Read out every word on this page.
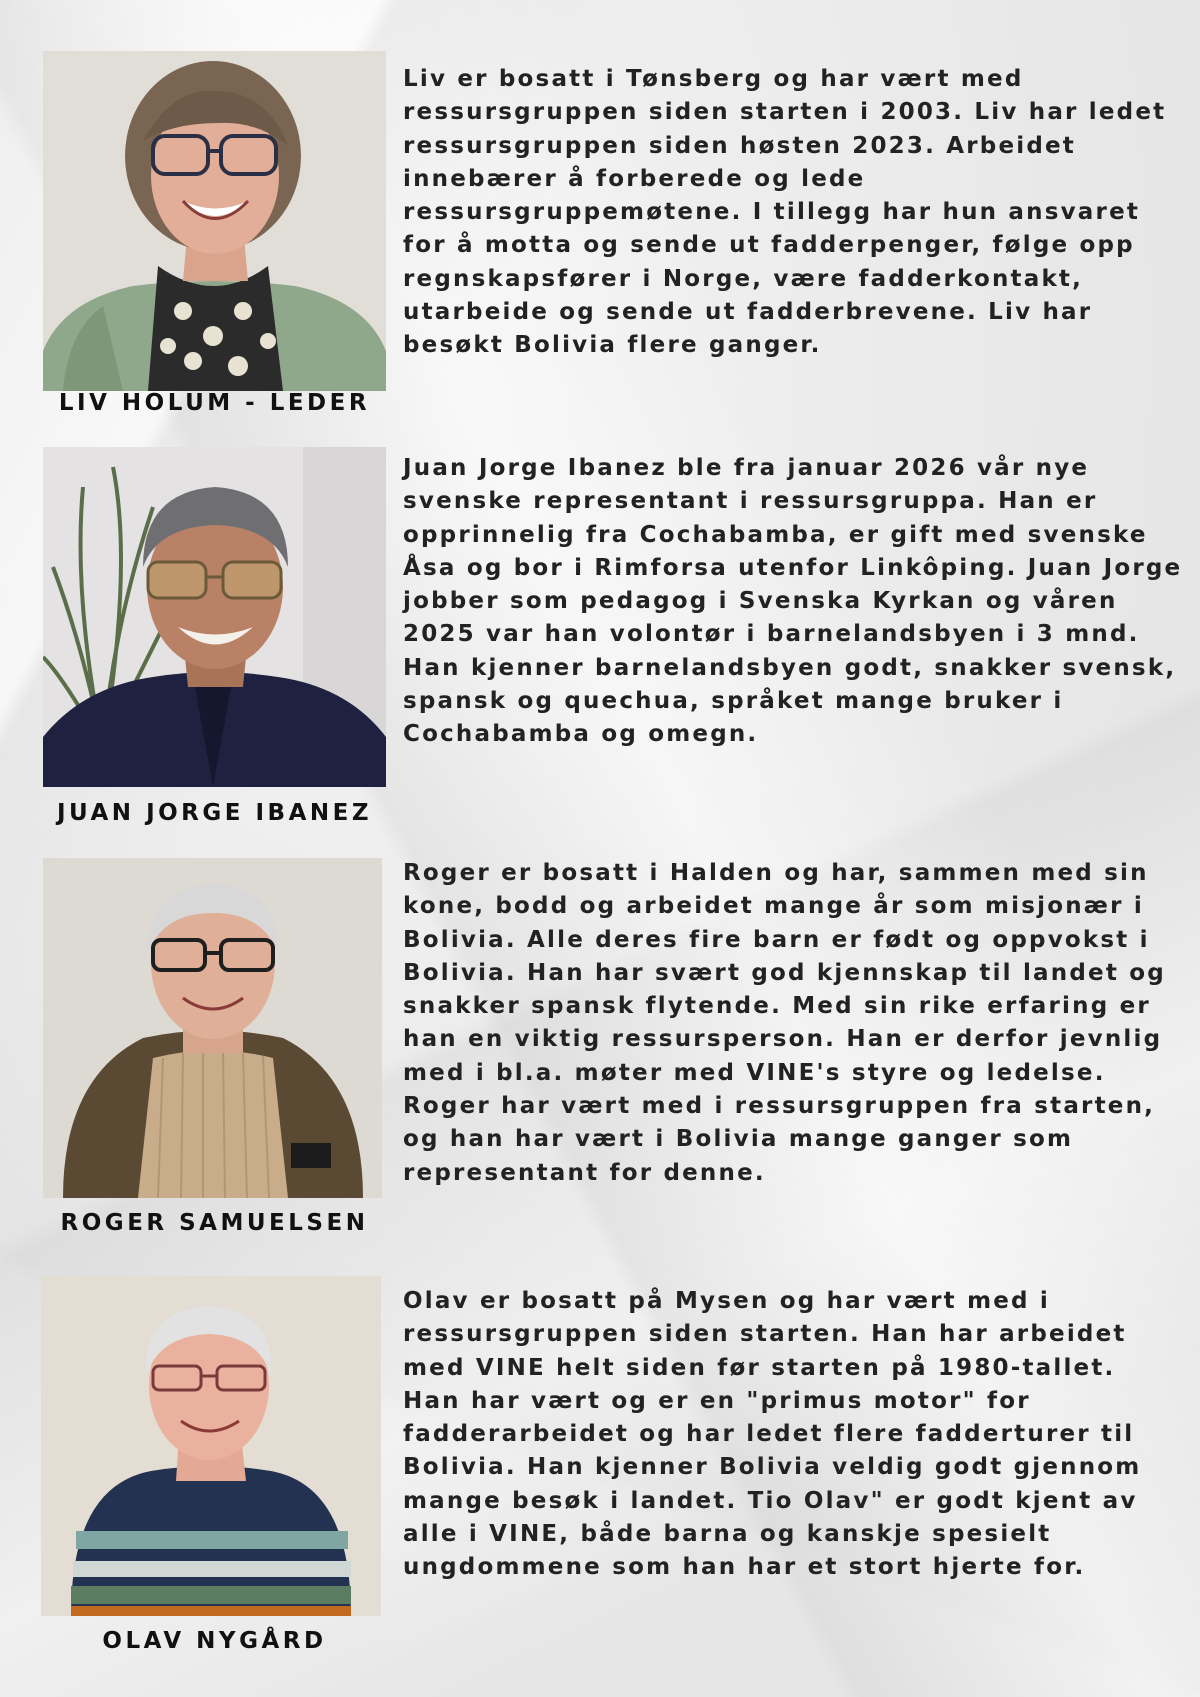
LIV HOLUM - LEDER

Liv er bosatt i Tønsberg og har vært med ressursgruppen siden starten i 2003. Liv har ledet ressursgruppen siden høsten 2023. Arbeidet innebærer å forberede og lede ressursgruppemøtene. I tillegg har hun ansvaret for å motta og sende ut fadderpenger, følge opp regnskapsfører i Norge, være fadderkontakt, utarbeide og sende ut fadderbrevene. Liv har besøkt Bolivia flere ganger.

JUAN JORGE IBANEZ

Juan Jorge Ibanez ble fra januar 2026 vår nye svenske representant i ressursgruppa. Han er opprinnelig fra Cochabamba, er gift med svenske Åsa og bor i Rimforsa utenfor Linkôping. Juan Jorge jobber som pedagog i Svenska Kyrkan og våren 2025 var han volontør i barnelandsbyen i 3 mnd. Han kjenner barnelandsbyen godt, snakker svensk, spansk og quechua, språket mange bruker i Cochabamba og omegn.

ROGER SAMUELSEN

Roger er bosatt i Halden og har, sammen med sin kone, bodd og arbeidet mange år som misjonær i Bolivia. Alle deres fire barn er født og oppvokst i Bolivia. Han har svært god kjennskap til landet og snakker spansk flytende. Med sin rike erfaring er han en viktig ressursperson. Han er derfor jevnlig med i bl.a. møter med VINE's styre og ledelse. Roger har vært med i ressursgruppen fra starten, og han har vært i Bolivia mange ganger som representant for denne.

OLAV NYGÅRD

Olav er bosatt på Mysen og har vært med i ressursgruppen siden starten. Han har arbeidet med VINE helt siden før starten på 1980-tallet. Han har vært og er en "primus motor" for fadderarbeidet og har ledet flere fadderturer til Bolivia. Han kjenner Bolivia veldig godt gjennom mange besøk i landet. Tio Olav" er godt kjent av alle i VINE, både barna og kanskje spesielt ungdommene som han har et stort hjerte for.
